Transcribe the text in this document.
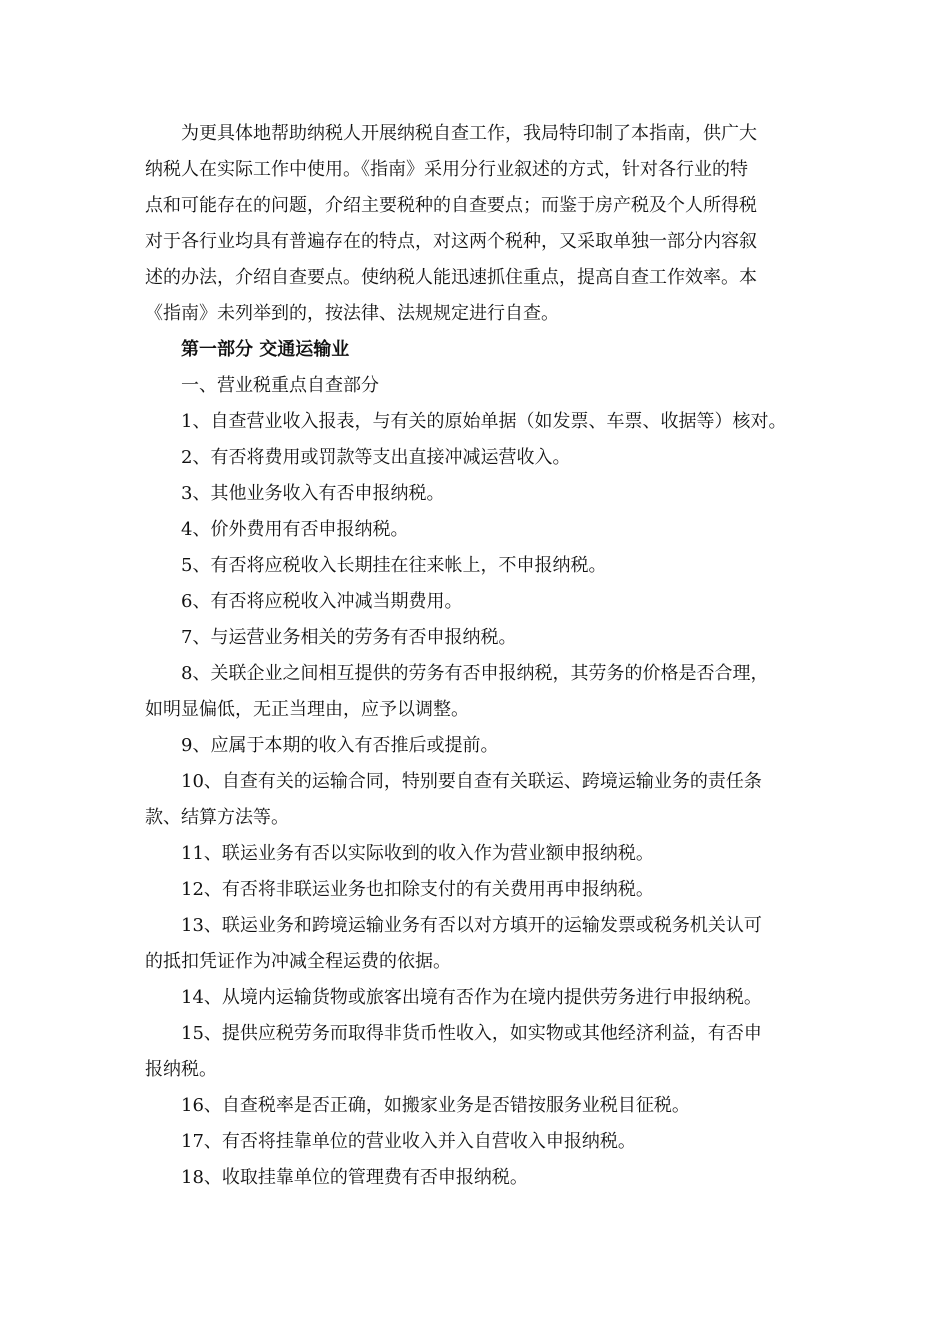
为更具体地帮助纳税人开展纳税自查工作，我局特印制了本指南，供广大
纳税人在实际工作中使用。《指南》采用分行业叙述的方式，针对各行业的特
点和可能存在的问题，介绍主要税种的自查要点；而鉴于房产税及个人所得税
对于各行业均具有普遍存在的特点，对这两个税种，又采取单独一部分内容叙
述的办法，介绍自查要点。使纳税人能迅速抓住重点，提高自查工作效率。本
《指南》未列举到的，按法律、法规规定进行自查。
第一部分 交通运输业
一、营业税重点自查部分
1、自查营业收入报表，与有关的原始单据（如发票、车票、收据等）核对。
2、有否将费用或罚款等支出直接冲减运营收入。
3、其他业务收入有否申报纳税。
4、价外费用有否申报纳税。
5、有否将应税收入长期挂在往来帐上，不申报纳税。
6、有否将应税收入冲减当期费用。
7、与运营业务相关的劳务有否申报纳税。
8、关联企业之间相互提供的劳务有否申报纳税，其劳务的价格是否合理，
如明显偏低，无正当理由，应予以调整。
9、应属于本期的收入有否推后或提前。
10、自查有关的运输合同，特别要自查有关联运、跨境运输业务的责任条
款、结算方法等。
11、联运业务有否以实际收到的收入作为营业额申报纳税。
12、有否将非联运业务也扣除支付的有关费用再申报纳税。
13、联运业务和跨境运输业务有否以对方填开的运输发票或税务机关认可
的抵扣凭证作为冲减全程运费的依据。
14、从境内运输货物或旅客出境有否作为在境内提供劳务进行申报纳税。
15、提供应税劳务而取得非货币性收入，如实物或其他经济利益，有否申
报纳税。
16、自查税率是否正确，如搬家业务是否错按服务业税目征税。
17、有否将挂靠单位的营业收入并入自营收入申报纳税。
18、收取挂靠单位的管理费有否申报纳税。
